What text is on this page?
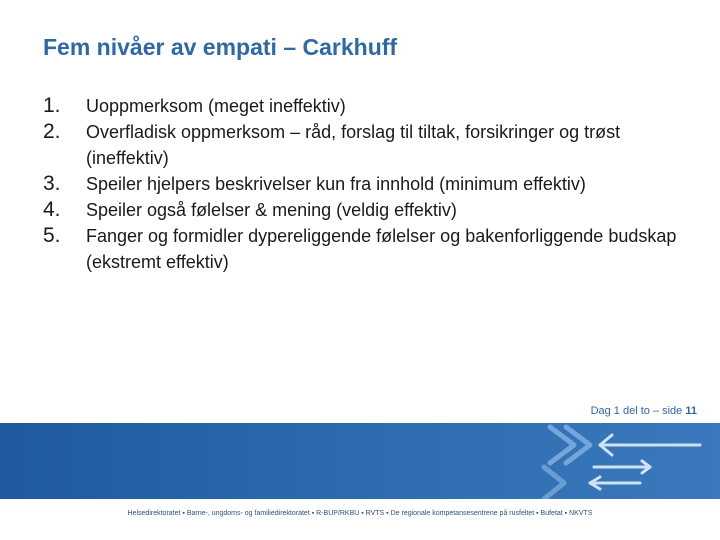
Fem nivåer av empati – Carkhuff
1.	Uoppmerksom (meget ineffektiv)
2.	Overfladisk oppmerksom – råd, forslag til tiltak, forsikringer og trøst (ineffektiv)
3.	Speiler hjelpers beskrivelser kun fra innhold (minimum effektiv)
4.	Speiler også følelser & mening (veldig effektiv)
5.	Fanger og formidler dypereliggende følelser og bakenforliggende budskap (ekstremt effektiv)
Dag 1 del to – side 11
Helsedirektoratet ▪ Barne-, ungdoms- og familiedirektoratet ▪ R-BUP/RKBU ▪ RVTS ▪ De regionale kompetansesentrene på rusfeltet ▪ Bufetat ▪ NKVTS
